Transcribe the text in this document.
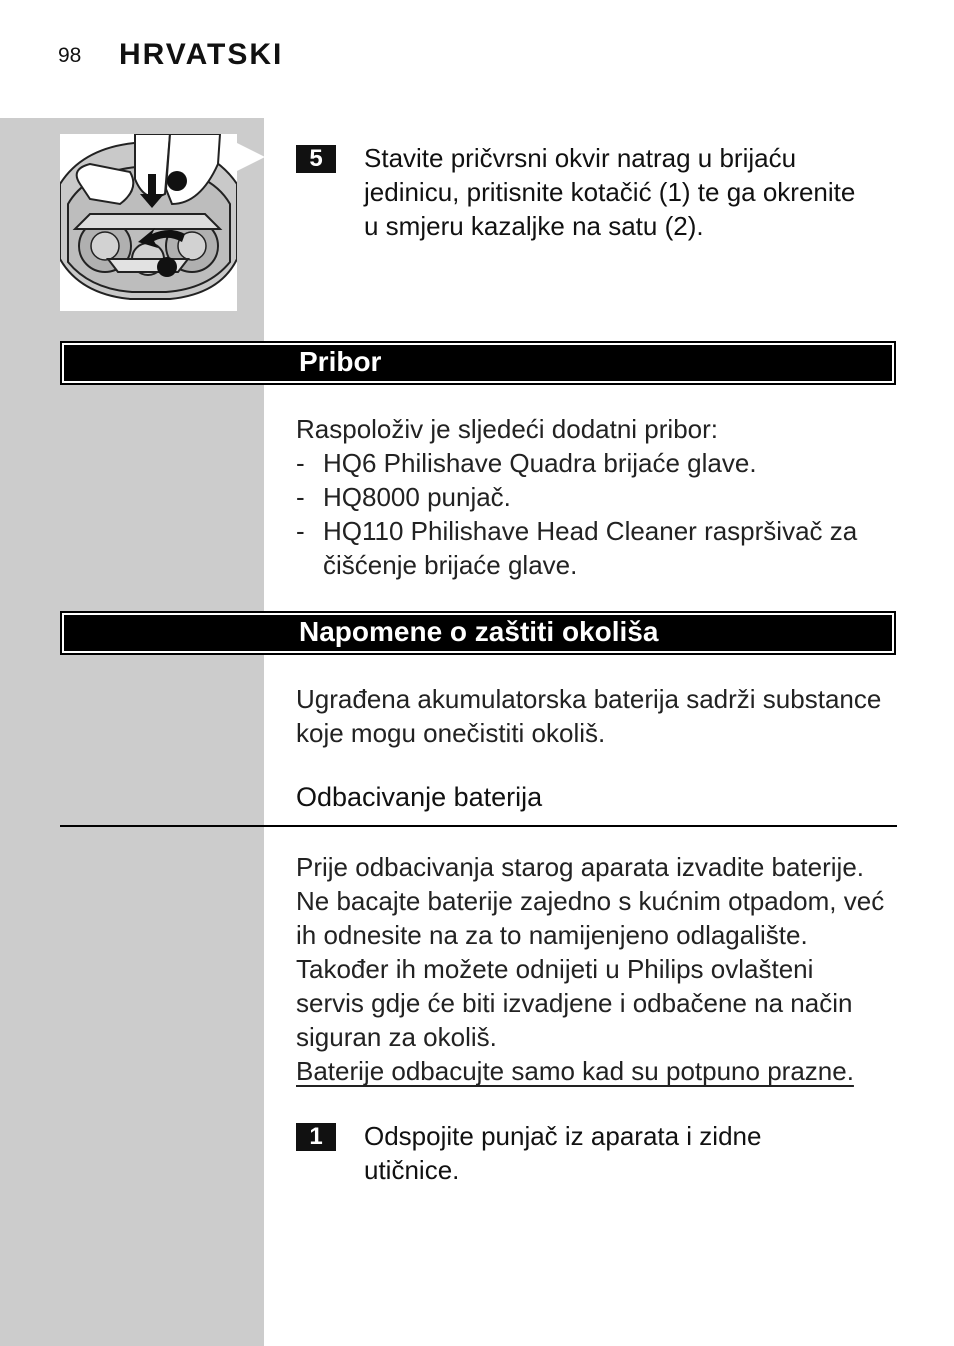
98 HRVATSKI
5	Stavite pričvrsni okvir natrag u brijaću jedinicu, pritisnite kotačić (1) te ga okrenite u smjeru kazaljke na satu (2).
Pribor
Raspoloživ je sljedeći dodatni pribor:
- HQ6 Philishave Quadra brijaće glave.
- HQ8000 punjač.
- HQ110 Philishave Head Cleaner raspršivač za čišćenje brijaće glave.
Napomene o zaštiti okoliša
Ugrađena akumulatorska baterija sadrži substance koje mogu onečistiti okoliš.
Odbacivanje baterija
Prije odbacivanja starog aparata izvadite baterije. Ne bacajte baterije zajedno s kućnim otpadom, već ih odnesite na za to namijenjeno odlagalište. Također ih možete odnijeti u Philips ovlašteni servis gdje će biti izvadjene i odbačene na način siguran za okoliš.
Baterije odbacujte samo kad su potpuno prazne.
1	Odspojite punjač iz aparata i zidne utičnice.
